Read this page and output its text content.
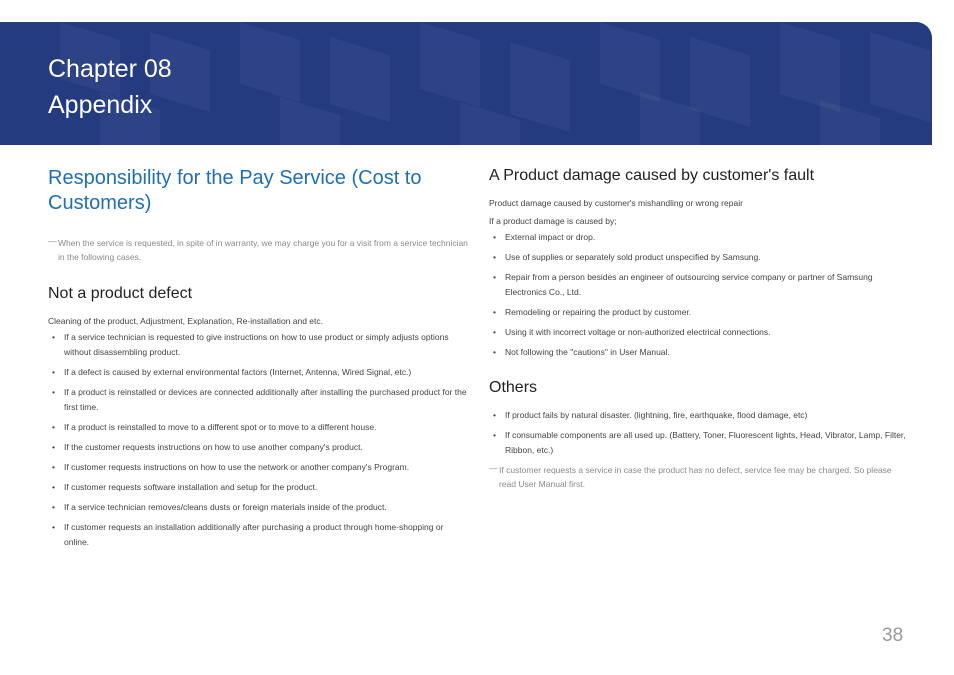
Chapter 08
Appendix
Responsibility for the Pay Service (Cost to Customers)
― When the service is requested, in spite of in warranty, we may charge you for a visit from a service technician in the following cases.
Not a product defect

Cleaning of the product, Adjustment, Explanation, Re-installation and etc.

• If a service technician is requested to give instructions on how to use product or simply adjusts options without disassembling product.
• If a defect is caused by external environmental factors (Internet, Antenna, Wired Signal, etc.)
• If a product is reinstalled or devices are connected additionally after installing the purchased product for the first time.
• If a product is reinstalled to move to a different spot or to move to a different house.
• If the customer requests instructions on how to use another company's product.
• If customer requests instructions on how to use the network or another company's Program.
• If customer requests software installation and setup for the product.
• If a service technician removes/cleans dusts or foreign materials inside of the product.
• If customer requests an installation additionally after purchasing a product through home-shopping or online.
A Product damage caused by customer's fault

Product damage caused by customer's mishandling or wrong repair

If a product damage is caused by;

• External impact or drop.
• Use of supplies or separately sold product unspecified by Samsung.
• Repair from a person besides an engineer of outsourcing service company or partner of Samsung Electronics Co., Ltd.
• Remodeling or repairing the product by customer.
• Using it with incorrect voltage or non-authorized electrical connections.
• Not following the "cautions" in User Manual.
Others
• If product fails by natural disaster. (lightning, fire, earthquake, flood damage, etc)
• If consumable components are all used up. (Battery, Toner, Fluorescent lights, Head, Vibrator, Lamp, Filter, Ribbon, etc.)
― If customer requests a service in case the product has no defect, service fee may be charged. So please read User Manual first.

38
